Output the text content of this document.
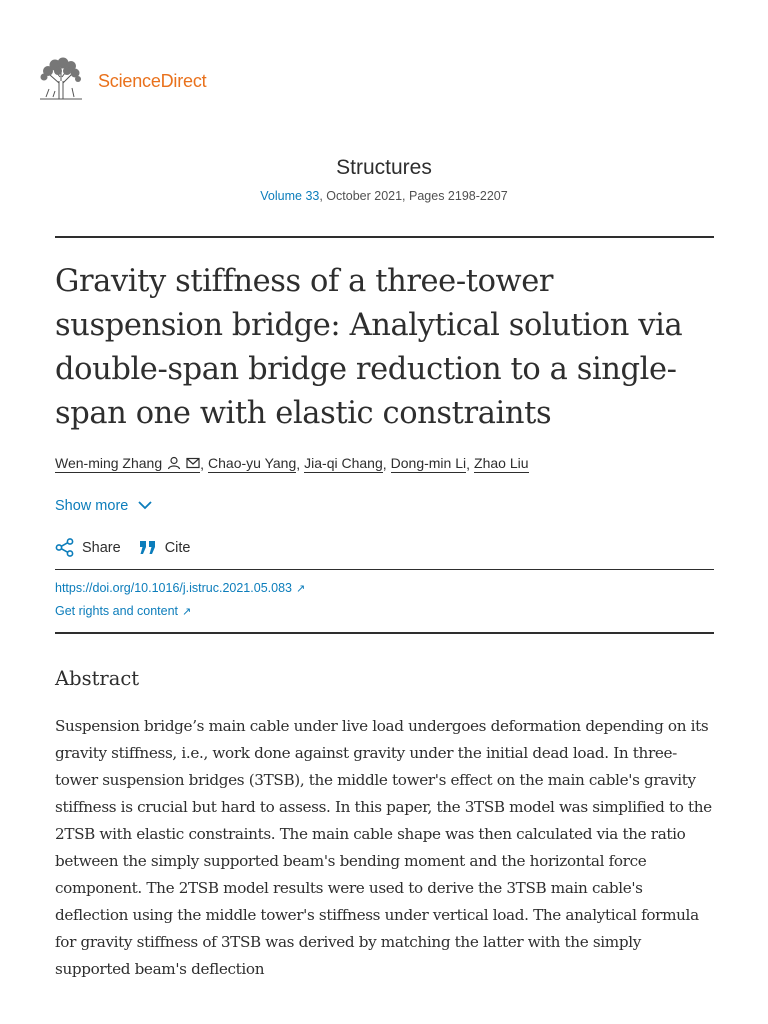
ScienceDirect
Structures
Volume 33, October 2021, Pages 2198-2207
Gravity stiffness of a three-tower suspension bridge: Analytical solution via double-span bridge reduction to a single-span one with elastic constraints
Wen-ming Zhang	, Chao-yu Yang , Jia-qi Chang , Dong-min Li , Zhao Liu
Show more
Share	Cite
https://doi.org/10.1016/j.istruc.2021.05.083 ↗
Get rights and content ↗
Abstract

Suspension bridge’s main cable under live load undergoes deformation depending on its gravity stiffness, i.e., work done against gravity under the initial dead load. In three-tower suspension bridges (3TSB), the middle tower's effect on the main cable's gravity stiffness is crucial but hard to assess. In this paper, the 3TSB model was simplified to the 2TSB with elastic constraints. The main cable shape was then calculated via the ratio between the simply supported beam's bending moment and the horizontal force component. The 2TSB model results were used to derive the 3TSB main cable's deflection using the middle tower's stiffness under vertical load. The analytical formula for gravity stiffness of 3TSB was derived by matching the latter with the simply supported beam's deflection
